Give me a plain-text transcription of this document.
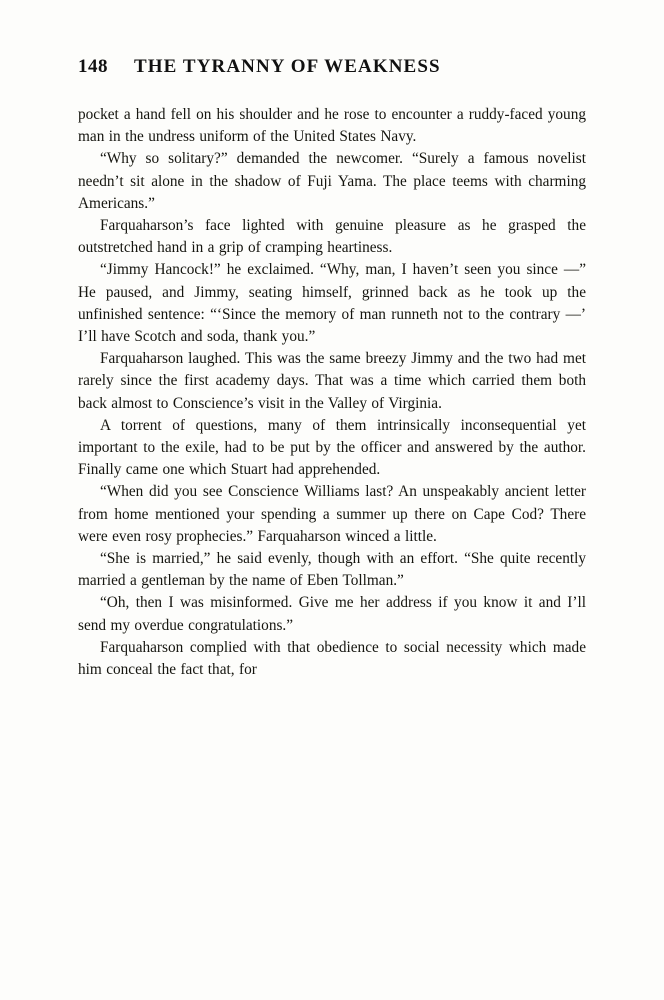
148 THE TYRANNY OF WEAKNESS

pocket a hand fell on his shoulder and he rose to encounter a ruddy-faced young man in the undress uniform of the United States Navy.

“Why so solitary?” demanded the newcomer. “Surely a famous novelist needn’t sit alone in the shadow of Fuji Yama. The place teems with charming Americans.”

Farquaharson’s face lighted with genuine pleasure as he grasped the outstretched hand in a grip of cramping heartiness.

“Jimmy Hancock!” he exclaimed. “Why, man, I haven’t seen you since —” He paused, and Jimmy, seating himself, grinned back as he took up the unfinished sentence: “‘Since the memory of man runneth not to the contrary —’ I’ll have Scotch and soda, thank you.”

Farquaharson laughed. This was the same breezy Jimmy and the two had met rarely since the first academy days. That was a time which carried them both back almost to Conscience’s visit in the Valley of Virginia.

A torrent of questions, many of them intrinsically inconsequential yet important to the exile, had to be put by the officer and answered by the author. Finally came one which Stuart had apprehended.

“When did you see Conscience Williams last? An unspeakably ancient letter from home mentioned your spending a summer up there on Cape Cod? There were even rosy prophecies.” Farquaharson winced a little.

“She is married,” he said evenly, though with an effort. “She quite recently married a gentleman by the name of Eben Tollman.”

“Oh, then I was misinformed. Give me her address if you know it and I’ll send my overdue congratulations.”

Farquaharson complied with that obedience to social necessity which made him conceal the fact that, for
